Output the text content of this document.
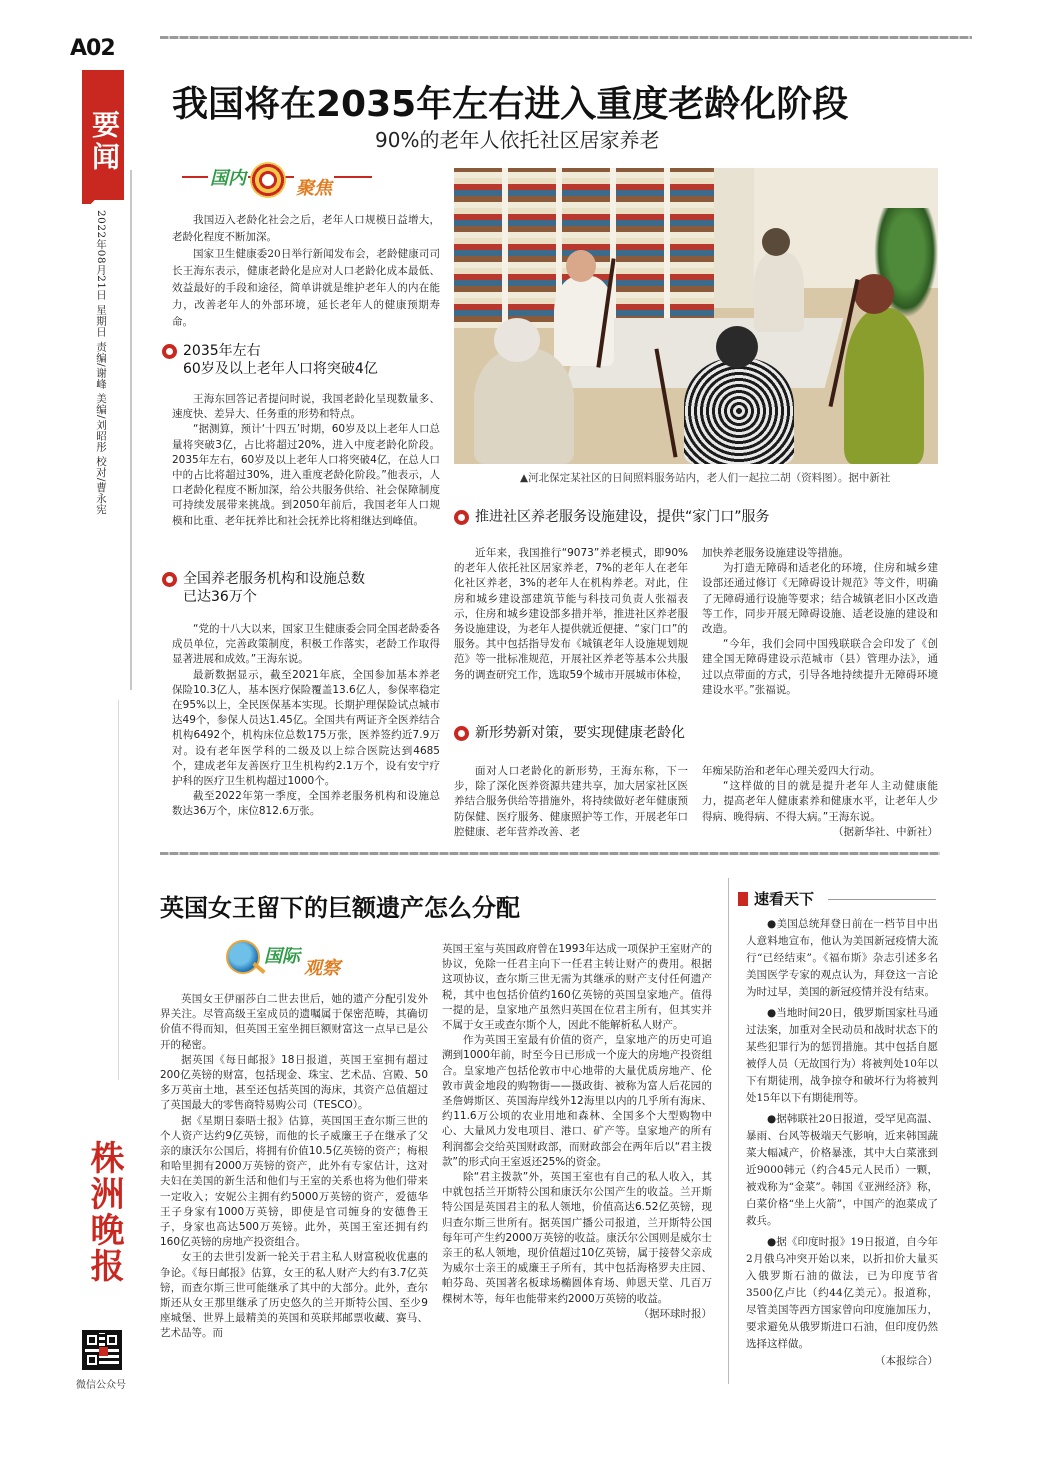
A02
要闻
2022年08月21日 星期日 责编/谢峰 美编/刘昭彤 校对/曹永宪
株洲晚报
微信公众号
我国将在2035年左右进入重度老龄化阶段
90%的老年人依托社区居家养老
国内	聚焦
我国迈入老龄化社会之后，老年人口规模日益增大，老龄化程度不断加深。
国家卫生健康委20日举行新闻发布会，老龄健康司司长王海东表示，健康老龄化是应对人口老龄化成本最低、效益最好的手段和途径，简单讲就是维护老年人的内在能力，改善老年人的外部环境，延长老年人的健康预期寿命。
2035年左右
60岁及以上老年人口将突破4亿
王海东回答记者提问时说，我国老龄化呈现数量多、速度快、差异大、任务重的形势和特点。
“据测算，预计‘十四五’时期，60岁及以上老年人口总量将突破3亿，占比将超过20%，进入中度老龄化阶段。2035年左右，60岁及以上老年人口将突破4亿，在总人口中的占比将超过30%，进入重度老龄化阶段。”他表示，人口老龄化程度不断加深，给公共服务供给、社会保障制度可持续发展带来挑战。到2050年前后，我国老年人口规模和比重、老年抚养比和社会抚养比将相继达到峰值。
全国养老服务机构和设施总数
已达36万个
“党的十八大以来，国家卫生健康委会同全国老龄委各成员单位，完善政策制度，积极工作落实，老龄工作取得显著进展和成效。”王海东说。
最新数据显示，截至2021年底，全国参加基本养老保险10.3亿人，基本医疗保险覆盖13.6亿人，参保率稳定在95%以上，全民医保基本实现。长期护理保险试点城市达49个，参保人员达1.45亿。全国共有两证齐全医养结合机构6492个，机构床位总数175万张，医养签约近7.9万对。设有老年医学科的二级及以上综合医院达到4685个，建成老年友善医疗卫生机构约2.1万个，设有安宁疗护科的医疗卫生机构超过1000个。
截至2022年第一季度，全国养老服务机构和设施总数达36万个，床位812.6万张。
▲河北保定某社区的日间照料服务站内，老人们一起拉二胡（资料图）。据中新社
推进社区养老服务设施建设，提供“家门口”服务
近年来，我国推行“9073”养老模式，即90%的老年人依托社区居家养老，7%的老年人在老年化社区养老，3%的老年人在机构养老。对此，住房和城乡建设部建筑节能与科技司负责人张福表示，住房和城乡建设部多措并举，推进社区养老服务设施建设，为老年人提供就近便捷、“家门口”的服务。其中包括指导发布《城镇老年人设施规划规范》等一批标准规范，开展社区养老等基本公共服务的调查研究工作，选取59个城市开展城市体检，
加快养老服务设施建设等措施。
为打造无障碍和适老化的环境，住房和城乡建设部还通过修订《无障碍设计规范》等文件，明确了无障碍通行设施等要求；结合城镇老旧小区改造等工作，同步开展无障碍设施、适老设施的建设和改造。
“今年，我们会同中国残联联合会印发了《创建全国无障碍建设示范城市（县）管理办法》，通过以点带面的方式，引导各地持续提升无障碍环境建设水平。”张福说。
新形势新对策，要实现健康老龄化
面对人口老龄化的新形势，王海东称，下一步，除了深化医养资源共建共享，加大居家社区医养结合服务供给等措施外，将持续做好老年健康预防保健、医疗服务、健康照护等工作，开展老年口腔健康、老年营养改善、老
年痴呆防治和老年心理关爱四大行动。
“这样做的目的就是提升老年人主动健康能力，提高老年人健康素养和健康水平，让老年人少得病、晚得病、不得大病。”王海东说。
（据新华社、中新社）
英国女王留下的巨额遗产怎么分配
国际
观察
英国女王伊丽莎白二世去世后，她的遗产分配引发外界关注。尽管高级王室成员的遗嘱属于保密范畴，其确切价值不得而知，但英国王室坐拥巨额财富这一点早已是公开的秘密。
据英国《每日邮报》18日报道，英国王室拥有超过200亿英镑的财富，包括现金、珠宝、艺术品、宫殿、50多万英亩土地，甚至还包括英国的海床，其资产总值超过了英国最大的零售商特易购公司（TESCO）。
据《星期日泰晤士报》估算，英国国王查尔斯三世的个人资产达约9亿英镑，而他的长子威廉王子在继承了父亲的康沃尔公国后，将拥有价值10.5亿英镑的资产；梅根和哈里拥有2000万英镑的资产，此外有专家估计，这对夫妇在美国的新生活和他们与王室的关系也将为他们带来一定收入；安妮公主拥有约5000万英镑的资产，爱德华王子身家有1000万英镑，即使是官司缠身的安德鲁王子，身家也高达500万英镑。此外，英国王室还拥有约160亿英镑的房地产投资组合。
女王的去世引发新一轮关于君主私人财富税收优惠的争论。《每日邮报》估算，女王的私人财产大约有3.7亿英镑，而查尔斯三世可能继承了其中的大部分。此外，查尔斯还从女王那里继承了历史悠久的兰开斯特公国、至少9座城堡、世界上最精美的英国和英联邦邮票收藏、赛马、艺术品等。而
英国王室与英国政府曾在1993年达成一项保护王室财产的协议，免除一任君主向下一任君主转让财产的费用。根据这项协议，查尔斯三世无需为其继承的财产支付任何遗产税，其中也包括价值约160亿英镑的英国皇家地产。值得一提的是，皇家地产虽然归英国在位君主所有，但其实并不属于女王或查尔斯个人，因此不能解析私人财产。
作为英国王室最有价值的资产，皇家地产的历史可追溯到1000年前，时至今日已形成一个庞大的房地产投资组合。皇家地产包括伦敦市中心地带的大量优质房地产、伦敦市黄金地段的购物街——摄政街、被称为富人后花园的圣詹姆斯区、英国海岸线外12海里以内的几乎所有海床、约11.6万公顷的农业用地和森林、全国多个大型购物中心、大量风力发电项目、港口、矿产等。皇家地产的所有利润都会交给英国财政部，而财政部会在两年后以“君主拨款”的形式向王室返还25%的资金。
除“君主拨款”外，英国王室也有自己的私人收入，其中就包括兰开斯特公国和康沃尔公国产生的收益。兰开斯特公国是英国君主的私人领地，价值高达6.52亿英镑，现归查尔斯三世所有。据英国广播公司报道，兰开斯特公国每年可产生约2000万英镑的收益。康沃尔公国则是威尔士亲王的私人领地，现价值超过10亿英镑，属于接替父亲成为威尔士亲王的威廉王子所有，其中包括海格罗夫庄园、帕芬岛、英国著名板球场椭圆体育场、帅恩天堂、几百万棵树木等，每年也能带来约2000万英镑的收益。
（据环球时报）
速看天下
●美国总统拜登日前在一档节目中出人意料地宣布，他认为美国新冠疫情大流行“已经结束”。《福布斯》杂志引述多名美国医学专家的观点认为，拜登这一言论为时过早，美国的新冠疫情并没有结束。
●当地时间20日，俄罗斯国家杜马通过法案，加重对全民动员和战时状态下的某些犯罪行为的惩罚措施。其中包括自愿被俘人员（无故国行为）将被判处10年以下有期徒刑，战争掠夺和破坏行为将被判处15年以下有期徒刑等。
●据韩联社20日报道，受罕见高温、暴雨、台风等极端天气影响，近来韩国蔬菜大幅减产，价格暴涨，其中大白菜涨到近9000韩元（约合45元人民币）一颗，被戏称为“金菜”。韩国《亚洲经济》称，白菜价格“坐上火箭”，中国产的泡菜成了救兵。
●据《印度时报》19日报道，自今年2月俄乌冲突开始以来，以折扣价大量买入俄罗斯石油的做法，已为印度节省3500亿卢比（约44亿美元）。报道称，尽管美国等西方国家曾向印度施加压力，要求避免从俄罗斯进口石油，但印度仍然选择这样做。
（本报综合）
